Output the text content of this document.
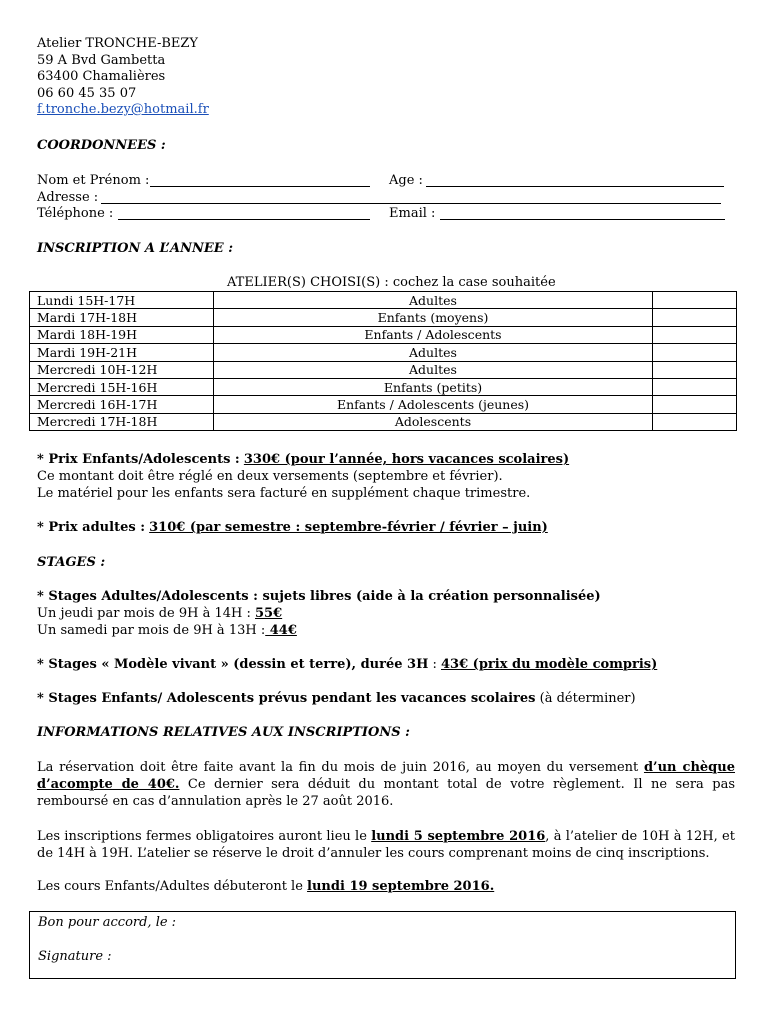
Atelier TRONCHE-BEZY
59 A Bvd Gambetta
63400 Chamalières
06 60 45 35 07
f.tronche.bezy@hotmail.fr
COORDONNEES :
Nom et Prénom :	Age :
Adresse :
Téléphone :	Email :
INSCRIPTION A L’ANNEE :
ATELIER(S) CHOISI(S) : cochez la case souhaitée
Lundi 15H-17H	Adultes	
Mardi 17H-18H	Enfants (moyens)	
Mardi 18H-19H	Enfants / Adolescents	
Mardi 19H-21H	Adultes	
Mercredi 10H-12H	Adultes	
Mercredi 15H-16H	Enfants (petits)	
Mercredi 16H-17H	Enfants / Adolescents (jeunes)	
Mercredi 17H-18H	Adolescents	
* Prix Enfants/Adolescents : 330€ (pour l’année, hors vacances scolaires)
Ce montant doit être réglé en deux versements (septembre et février).
Le matériel pour les enfants sera facturé en supplément chaque trimestre.
* Prix adultes : 310€ (par semestre : septembre-février / février – juin)
STAGES :
* Stages Adultes/Adolescents : sujets libres (aide à la création personnalisée)
Un jeudi par mois de 9H à 14H : 55€
Un samedi par mois de 9H à 13H : 44€
* Stages « Modèle vivant » (dessin et terre), durée 3H : 43€ (prix du modèle compris)
* Stages Enfants/ Adolescents prévus pendant les vacances scolaires (à déterminer)
INFORMATIONS RELATIVES AUX INSCRIPTIONS :
La réservation doit être faite avant la fin du mois de juin 2016, au moyen du versement d’un chèque d’acompte de 40€. Ce dernier sera déduit du montant total de votre règlement. Il ne sera pas remboursé en cas d’annulation après le 27 août 2016.
Les inscriptions fermes obligatoires auront lieu le lundi 5 septembre 2016, à l’atelier de 10H à 12H, et de 14H à 19H. L’atelier se réserve le droit d’annuler les cours comprenant moins de cinq inscriptions.
Les cours Enfants/Adultes débuteront le lundi 19 septembre 2016.
Bon pour accord, le :
Signature :
